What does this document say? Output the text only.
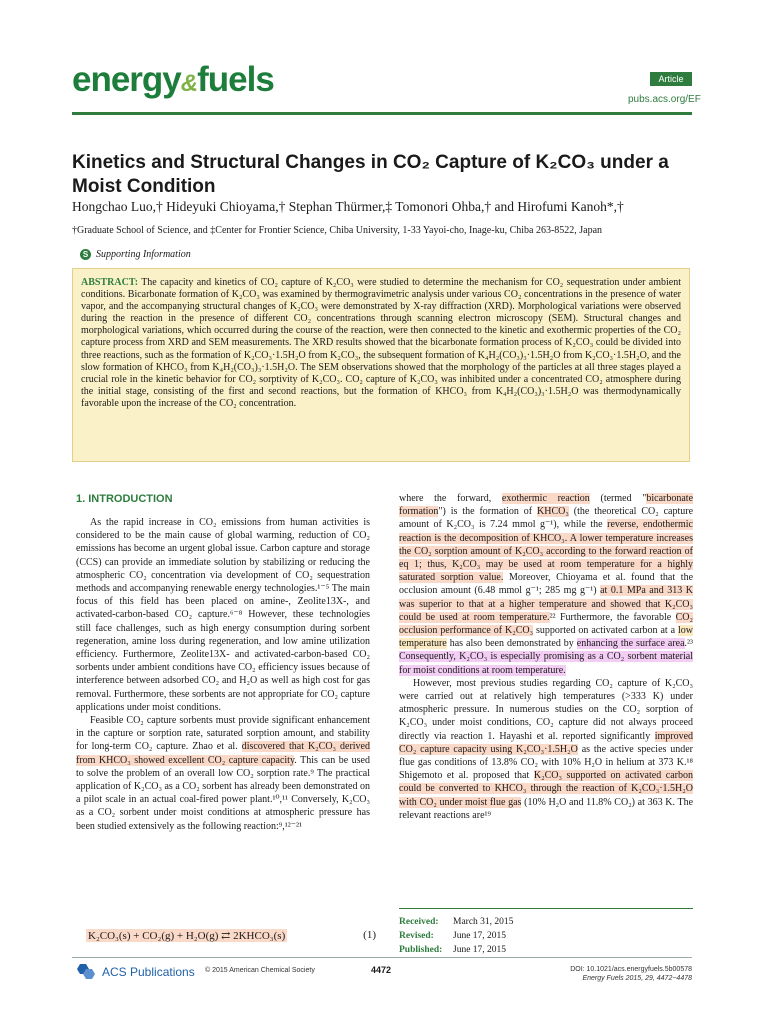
energy&fuels	Article
pubs.acs.org/EF
Kinetics and Structural Changes in CO₂ Capture of K₂CO₃ under a Moist Condition
Hongchao Luo,† Hideyuki Chioyama,† Stephan Thürmer,‡ Tomonori Ohba,† and Hirofumi Kanoh*,†
†Graduate School of Science, and ‡Center for Frontier Science, Chiba University, 1-33 Yayoi-cho, Inage-ku, Chiba 263-8522, Japan
S Supporting Information
ABSTRACT: The capacity and kinetics of CO₂ capture of K₂CO₃ were studied to determine the mechanism for CO₂ sequestration under ambient conditions. Bicarbonate formation of K₂CO₃ was examined by thermogravimetric analysis under various CO₂ concentrations in the presence of water vapor, and the accompanying structural changes of K₂CO₃ were demonstrated by X-ray diffraction (XRD). Morphological variations were observed during the reaction in the presence of different CO₂ concentrations through scanning electron microscopy (SEM). Structural changes and morphological variations, which occurred during the course of the reaction, were then connected to the kinetic and exothermic properties of the CO₂ capture process from XRD and SEM measurements. The XRD results showed that the bicarbonate formation process of K₂CO₃ could be divided into three reactions, such as the formation of K₂CO₃·1.5H₂O from K₂CO₃, the subsequent formation of K₄H₂(CO₃)₃·1.5H₂O from K₂CO₃·1.5H₂O, and the slow formation of KHCO₃ from K₄H₂(CO₃)₃·1.5H₂O. The SEM observations showed that the morphology of the particles at all three stages played a crucial role in the kinetic behavior for CO₂ sorptivity of K₂CO₃. CO₂ capture of K₂CO₃ was inhibited under a concentrated CO₂ atmosphere during the initial stage, consisting of the first and second reactions, but the formation of KHCO₃ from K₄H₂(CO₃)₃·1.5H₂O was thermodynamically favorable upon the increase of the CO₂ concentration.
1. INTRODUCTION

As the rapid increase in CO₂ emissions from human activities is considered to be the main cause of global warming, reduction of CO₂ emissions has become an urgent global issue. Carbon capture and storage (CCS) can provide an immediate solution by stabilizing or reducing the atmospheric CO₂ concentration via development of CO₂ sequestration methods and accompanying renewable energy technologies.¹⁻⁵ The main focus of this field has been placed on amine-, Zeolite13X-, and activated-carbon-based CO₂ capture.⁶⁻⁸ However, these technologies still face challenges, such as high energy consumption during sorbent regeneration, amine loss during regeneration, and low amine utilization efficiency. Furthermore, Zeolite13X- and activated-carbon-based CO₂ sorbents under ambient conditions have CO₂ efficiency issues because of interference between adsorbed CO₂ and H₂O as well as high cost for gas removal. Furthermore, these sorbents are not appropriate for CO₂ capture applications under moist conditions.

Feasible CO₂ capture sorbents must provide significant enhancement in the capture or sorption rate, saturated sorption amount, and stability for long-term CO₂ capture. Zhao et al. discovered that K₂CO₃ derived from KHCO₃ showed excellent CO₂ capture capacity. This can be used to solve the problem of an overall low CO₂ sorption rate.⁹ The practical application of K₂CO₃ as a CO₂ sorbent has already been demonstrated on a pilot scale in an actual coal-fired power plant.¹⁰,¹¹ Conversely, K₂CO₃ as a CO₂ sorbent under moist conditions at atmospheric pressure has been studied extensively as the following reaction:⁹,¹²⁻²¹

K₂CO₃(s) + CO₂(g) + H₂O(g) ⇄ 2KHCO₃(s)	(1)

where the forward, exothermic reaction (termed "bicarbonate formation") is the formation of KHCO₃ (the theoretical CO₂ capture amount of K₂CO₃ is 7.24 mmol g⁻¹), while the reverse, endothermic reaction is the decomposition of KHCO₃. A lower temperature increases the CO₂ sorption amount of K₂CO₃ according to the forward reaction of eq 1; thus, K₂CO₃ may be used at room temperature for a highly saturated sorption value. Moreover, Chioyama et al. found that the occlusion amount (6.48 mmol g⁻¹; 285 mg g⁻¹) at 0.1 MPa and 313 K was superior to that at a higher temperature and showed that K₂CO₃ could be used at room temperature.²² Furthermore, the favorable CO₂ occlusion performance of K₂CO₃ supported on activated carbon at a low temperature has also been demonstrated by enhancing the surface area.²³ Consequently, K₂CO₃ is especially promising as a CO₂ sorbent material for moist conditions at room temperature.

However, most previous studies regarding CO₂ capture of K₂CO₃ were carried out at relatively high temperatures (>333 K) under atmospheric pressure. In numerous studies on the CO₂ sorption of K₂CO₃ under moist conditions, CO₂ capture did not always proceed directly via reaction 1. Hayashi et al. reported significantly improved CO₂ capture capacity using K₂CO₃·1.5H₂O as the active species under flue gas conditions of 13.8% CO₂ with 10% H₂O in helium at 373 K.¹⁸ Shigemoto et al. proposed that K₂CO₃ supported on activated carbon could be converted to KHCO₃ through the reaction of K₂CO₃·1.5H₂O with CO₂ under moist flue gas (10% H₂O and 11.8% CO₂) at 363 K. The relevant reactions are¹⁹

Received:	March 31, 2015
Revised:	June 17, 2015
Published:	June 17, 2015
ACS Publications © 2015 American Chemical Society	4472	DOI: 10.1021/acs.energyfuels.5b00578
Energy Fuels 2015, 29, 4472−4478
